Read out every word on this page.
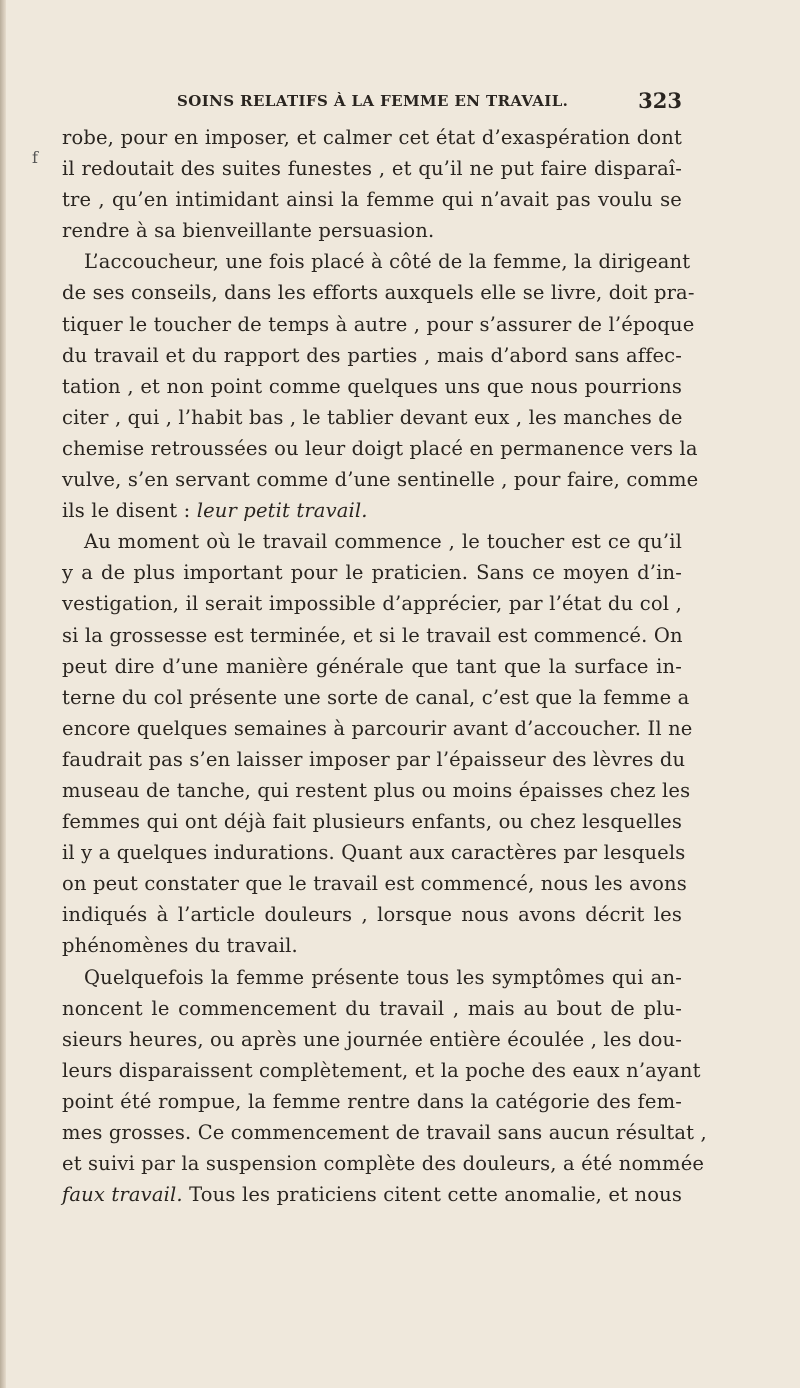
SOINS RELATIFS À LA FEMME EN TRAVAIL.	323
f
robe, pour en imposer, et calmer cet état d’exaspération dont
il redoutait des suites funestes , et qu’il ne put faire disparaî-
tre , qu’en intimidant ainsi la femme qui n’avait pas voulu se
rendre à sa bienveillante persuasion.
L’accoucheur, une fois placé à côté de la femme, la dirigeant
de ses conseils, dans les efforts auxquels elle se livre, doit pra-
tiquer le toucher de temps à autre , pour s’assurer de l’époque
du travail et du rapport des parties , mais d’abord sans affec-
tation , et non point comme quelques uns que nous pourrions
citer , qui , l’habit bas , le tablier devant eux , les manches de
chemise retroussées ou leur doigt placé en permanence vers la
vulve, s’en servant comme d’une sentinelle , pour faire, comme
ils le disent : leur petit travail.
Au moment où le travail commence , le toucher est ce qu’il
y a de plus important pour le praticien. Sans ce moyen d’in-
vestigation, il serait impossible d’apprécier, par l’état du col ,
si la grossesse est terminée, et si le travail est commencé. On
peut dire d’une manière générale que tant que la surface in-
terne du col présente une sorte de canal, c’est que la femme a
encore quelques semaines à parcourir avant d’accoucher. Il ne
faudrait pas s’en laisser imposer par l’épaisseur des lèvres du
museau de tanche, qui restent plus ou moins épaisses chez les
femmes qui ont déjà fait plusieurs enfants, ou chez lesquelles
il y a quelques indurations. Quant aux caractères par lesquels
on peut constater que le travail est commencé, nous les avons
indiqués à l’article douleurs , lorsque nous avons décrit les
phénomènes du travail.
Quelquefois la femme présente tous les symptômes qui an-
noncent le commencement du travail , mais au bout de plu-
sieurs heures, ou après une journée entière écoulée , les dou-
leurs disparaissent complètement, et la poche des eaux n’ayant
point été rompue, la femme rentre dans la catégorie des fem-
mes grosses. Ce commencement de travail sans aucun résultat ,
et suivi par la suspension complète des douleurs, a été nommée
faux travail. Tous les praticiens citent cette anomalie, et nous
